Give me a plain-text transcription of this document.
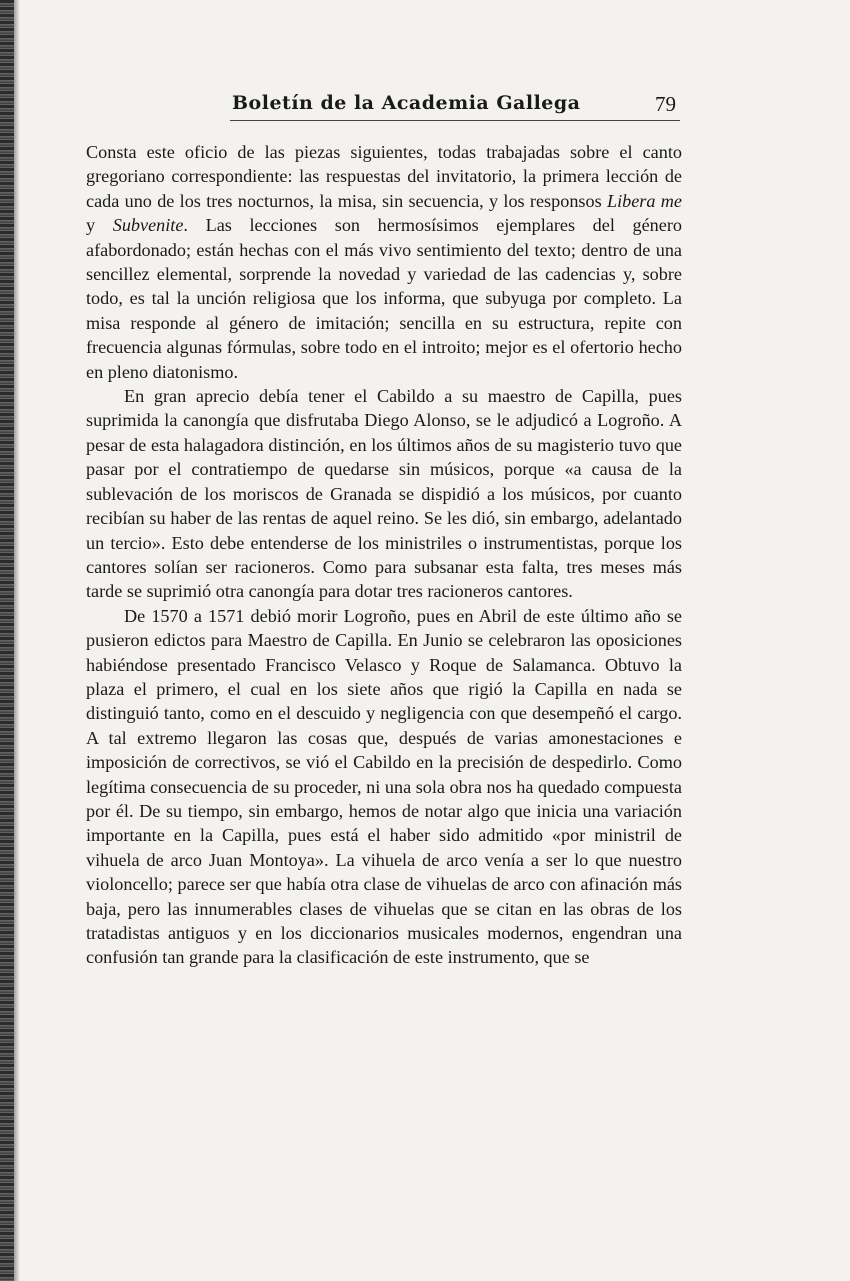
Boletín de la Academia Gallega	79

Consta este oficio de las piezas siguientes, todas trabajadas sobre el canto gregoriano correspondiente: las respuestas del invitatorio, la primera lección de cada uno de los tres nocturnos, la misa, sin secuencia, y los responsos Libera me y Subvenite. Las lecciones son hermosísimos ejemplares del género afabordonado; están hechas con el más vivo sentimiento del texto; dentro de una sencillez elemental, sorprende la novedad y variedad de las cadencias y, sobre todo, es tal la unción religiosa que los informa, que subyuga por completo. La misa responde al género de imitación; sencilla en su estructura, repite con frecuencia algunas fórmulas, sobre todo en el introito; mejor es el ofertorio hecho en pleno diatonismo.

En gran aprecio debía tener el Cabildo a su maestro de Capilla, pues suprimida la canongía que disfrutaba Diego Alonso, se le adjudicó a Logroño. A pesar de esta halagadora distinción, en los últimos años de su magisterio tuvo que pasar por el contratiempo de quedarse sin músicos, porque «a causa de la sublevación de los moriscos de Granada se dispidió a los músicos, por cuanto recibían su haber de las rentas de aquel reino. Se les dió, sin embargo, adelantado un tercio». Esto debe entenderse de los ministriles o instrumentistas, porque los cantores solían ser racioneros. Como para subsanar esta falta, tres meses más tarde se suprimió otra canongía para dotar tres racioneros cantores.

De 1570 a 1571 debió morir Logroño, pues en Abril de este último año se pusieron edictos para Maestro de Capilla. En Junio se celebraron las oposiciones habiéndose presentado Francisco Velasco y Roque de Salamanca. Obtuvo la plaza el primero, el cual en los siete años que rigió la Capilla en nada se distinguió tanto, como en el descuido y negligencia con que desempeñó el cargo. A tal extremo llegaron las cosas que, después de varias amonestaciones e imposición de correctivos, se vió el Cabildo en la precisión de despedirlo. Como legítima consecuencia de su proceder, ni una sola obra nos ha quedado compuesta por él. De su tiempo, sin embargo, hemos de notar algo que inicia una variación importante en la Capilla, pues está el haber sido admitido «por ministril de vihuela de arco Juan Montoya». La vihuela de arco venía a ser lo que nuestro violoncello; parece ser que había otra clase de vihuelas de arco con afinación más baja, pero las innumerables clases de vihuelas que se citan en las obras de los tratadistas antiguos y en los diccionarios musicales modernos, engendran una confusión tan grande para la clasificación de este instrumento, que se
